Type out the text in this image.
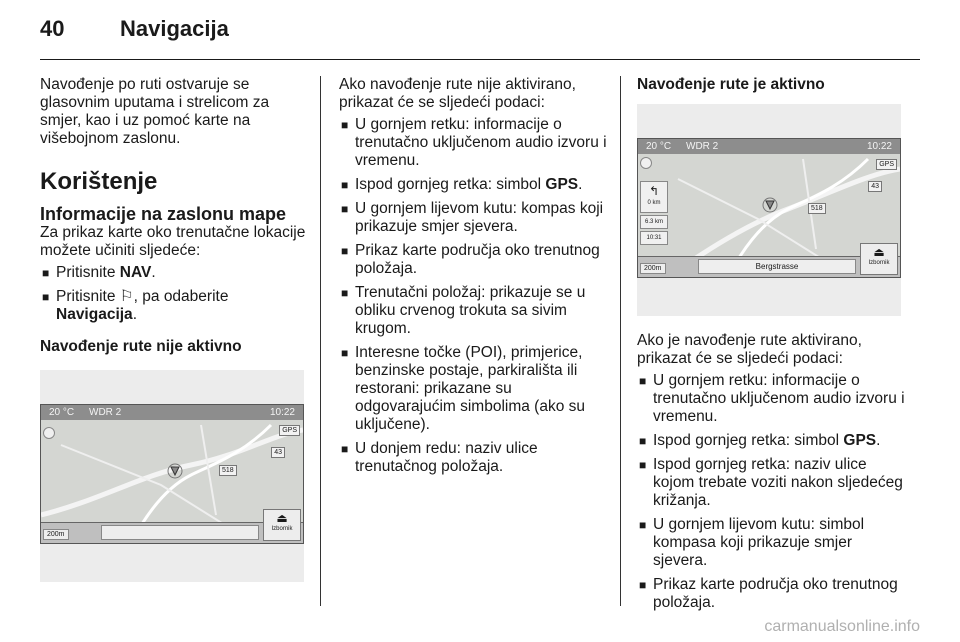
40	Navigacija

Navođenje po ruti ostvaruje se glasovnim uputama i strelicom za smjer, kao i uz pomoć karte na višebojnom zaslonu.

Korištenje

Informacije na zaslonu mape

Za prikaz karte oko trenutačne lokacije možete učiniti sljedeće:

■ Pritisnite NAV.
■ Pritisnite ⚐, pa odaberite Navigacija.

Navođenje rute nije aktivno

20 °C WDR 2	10:22
GPS
43
518
200m
⏏
Izbornik

Ako navođenje rute nije aktivirano, prikazat će se sljedeći podaci:

■ U gornjem retku: informacije o trenutačno uključenom audio izvoru i vremenu.
■ Ispod gornjeg retka: simbol GPS.
■ U gornjem lijevom kutu: kompas koji prikazuje smjer sjevera.
■ Prikaz karte područja oko trenutnog položaja.
■ Trenutačni položaj: prikazuje se u obliku crvenog trokuta sa sivim krugom.
■ Interesne točke (POI), primjerice, benzinske postaje, parkirališta ili restorani: prikazane su odgovarajućim simbolima (ako su uključene).
■ U donjem redu: naziv ulice trenutačnog položaja.

Navođenje rute je aktivno

20 °C WDR 2	10:22
GPS
43
518
↰
0 km
6.3 km
10:31
200m	Bergstrasse
⏏
Izbornik

Ako je navođenje rute aktivirano, prikazat će se sljedeći podaci:

■ U gornjem retku: informacije o trenutačno uključenom audio izvoru i vremenu.
■ Ispod gornjeg retka: simbol GPS.
■ Ispod gornjeg retka: naziv ulice kojom trebate voziti nakon sljedećeg križanja.
■ U gornjem lijevom kutu: simbol kompasa koji prikazuje smjer sjevera.
■ Prikaz karte područja oko trenutnog položaja.
carmanualsonline.info
